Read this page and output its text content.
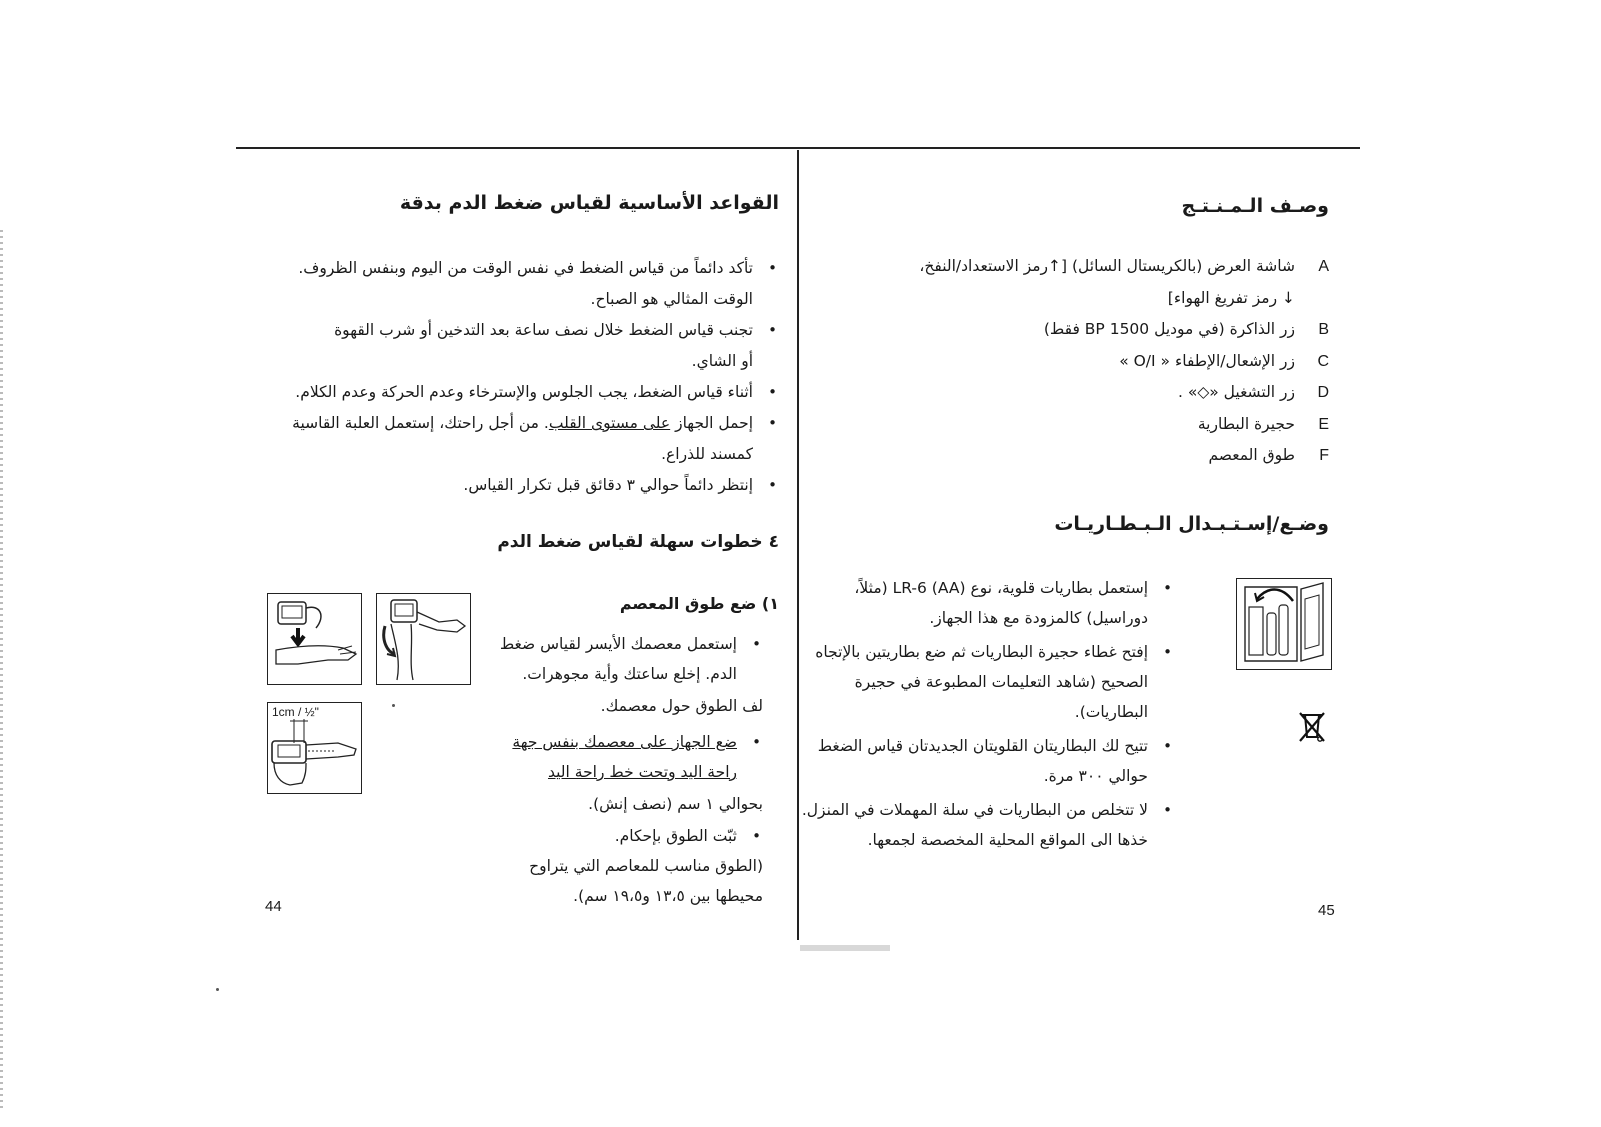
القواعد الأساسية لقياس ضغط الدم بدقة
• تأكد دائماً من قياس الضغط في نفس الوقت من اليوم وبنفس الظروف.
الوقت المثالي هو الصباح.
• تجنب قياس الضغط خلال نصف ساعة بعد التدخين أو شرب القهوة
أو الشاي.
• أثناء قياس الضغط، يجب الجلوس والإسترخاء وعدم الحركة وعدم الكلام.
• إحمل الجهاز على مستوى القلب. من أجل راحتك، إستعمل العلبة القاسية
كمسند للذراع.
• إنتظر دائماً حوالي ٣ دقائق قبل تكرار القياس.
٤ خطوات سهلة لقياس ضغط الدم
١) ضع طوق المعصم
• إستعمل معصمك الأيسر لقياس ضغط
الدم. إخلع ساعتك وأية مجوهرات.
لف الطوق حول معصمك.
• ضع الجهاز على معصمك بنفس جهة
راحة اليد وتحت خط راحة اليد
بحوالي ١ سم (نصف إنش).
• ثبّت الطوق بإحكام.
(الطوق مناسب للمعاصم التي يتراوح
محيطها بين ١٣،٥ و١٩،٥ سم).
1cm / ½"
44
وصـف الـمـنـتـج
A
شاشة العرض (بالكريستال السائل) [↑رمز الاستعداد/النفخ،
↓ رمز تفريغ الهواء]
B
زر الذاكرة (في موديل BP 1500 فقط)
C
زر الإشعال/الإطفاء « O/I »
D
زر التشغيل «◇» .
E
حجيرة البطارية
F
طوق المعصم
وضـع/إسـتـبـدال الـبـطـاريـات
• إستعمل بطاريات قلوية، نوع LR-6 (AA) (مثلاً،
دوراسيل) كالمزودة مع هذا الجهاز.
• إفتح غطاء حجيرة البطاريات ثم ضع بطاريتين بالإتجاه
الصحيح (شاهد التعليمات المطبوعة في حجيرة
البطاريات).
• تتيح لك البطاريتان القلويتان الجديدتان قياس الضغط
حوالي ٣٠٠ مرة.
• لا تتخلص من البطاريات في سلة المهملات في المنزل.
خذها الى المواقع المحلية المخصصة لجمعها.
45
